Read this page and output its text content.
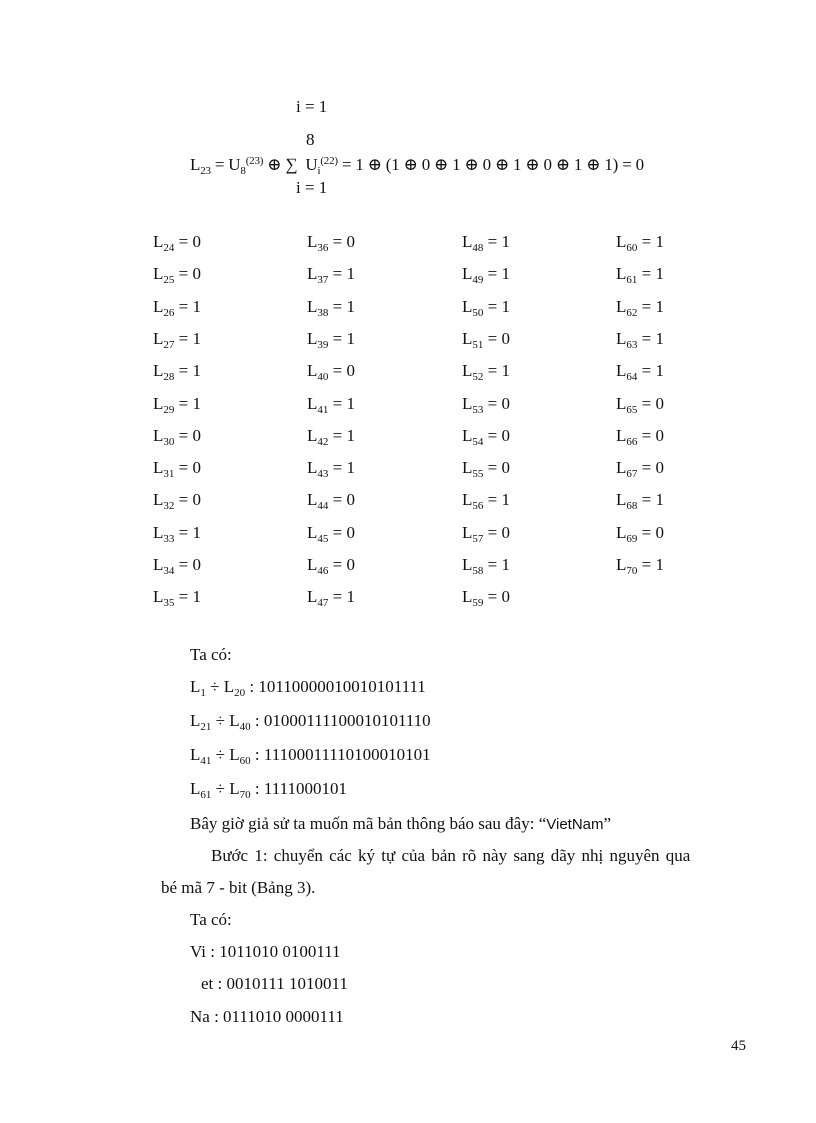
i = 1
8
$L_{23} = U_8^{(23)}$ ⊕ ∑ $U_i^{(22)} = 1$ ⊕ (1 ⊕ 0 ⊕ 1 ⊕ 0 ⊕ 1 ⊕ 0 ⊕ 1 ⊕ 1) = 0
i = 1
$L_{24} = 0$	$L_{36} = 0$	$L_{48} = 1$	$L_{60} = 1$
$L_{25} = 0$	$L_{37} = 1$	$L_{49} = 1$	$L_{61} = 1$
$L_{26} = 1$	$L_{38} = 1$	$L_{50} = 1$	$L_{62} = 1$
$L_{27} = 1$	$L_{39} = 1$	$L_{51} = 0$	$L_{63} = 1$
$L_{28} = 1$	$L_{40} = 0$	$L_{52} = 1$	$L_{64} = 1$
$L_{29} = 1$	$L_{41} = 1$	$L_{53} = 0$	$L_{65} = 0$
$L_{30} = 0$	$L_{42} = 1$	$L_{54} = 0$	$L_{66} = 0$
$L_{31} = 0$	$L_{43} = 1$	$L_{55} = 0$	$L_{67} = 0$
$L_{32} = 0$	$L_{44} = 0$	$L_{56} = 1$	$L_{68} = 1$
$L_{33} = 1$	$L_{45} = 0$	$L_{57} = 0$	$L_{69} = 0$
$L_{34} = 0$	$L_{46} = 0$	$L_{58} = 1$	$L_{70} = 1$
$L_{35} = 1$	$L_{47} = 1$	$L_{59} = 0$
Ta có:
$L_1 \div L_{20}$ : 10110000010010101111
$L_{21} \div L_{40}$ : 01000111100010101110
$L_{41} \div L_{60}$ : 11100011110100010101
$L_{61} \div L_{70}$ : 1111000101
Bây giờ giả sử ta muốn mã bản thông báo sau đây: “VietNam”
Bước 1: chuyển các ký tự của bản rõ này sang dãy nhị nguyên qua
bé mã 7 - bit (Bảng 3).
Ta có:
Vi : 1011010 0100111
et : 0010111 1010011
Na : 0111010 0000111
45
